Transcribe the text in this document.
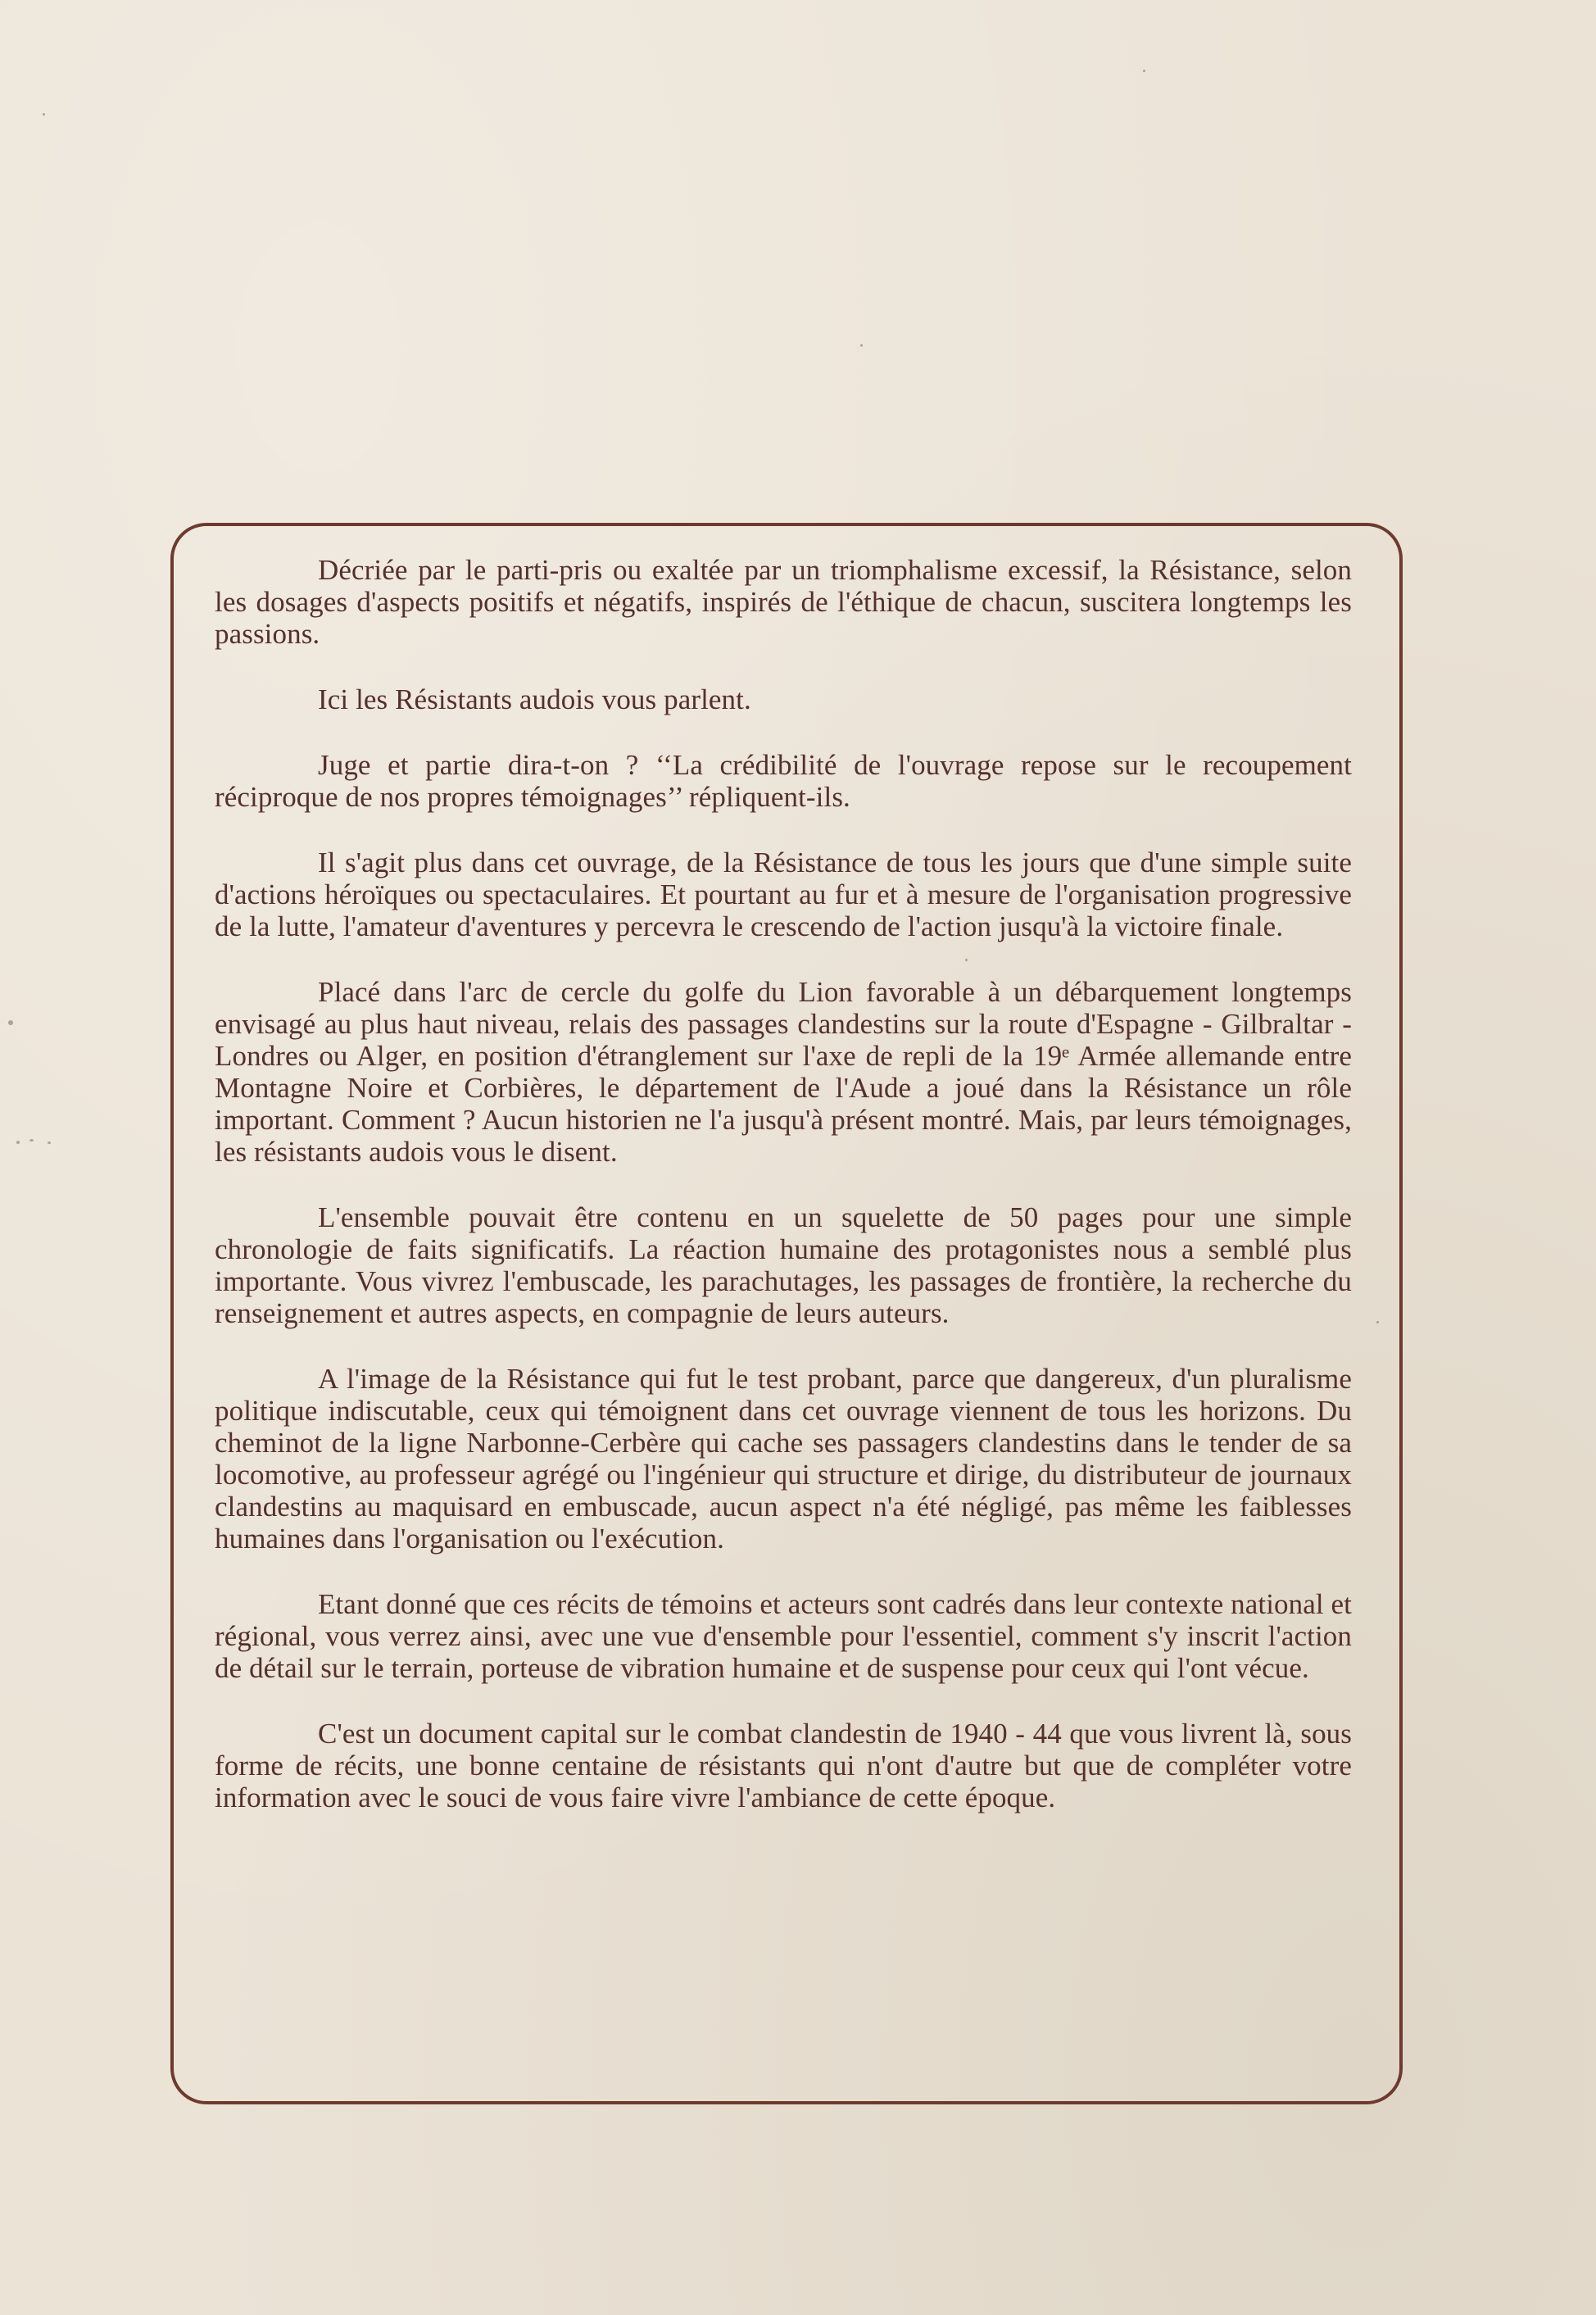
Décriée par le parti-pris ou exaltée par un triomphalisme excessif, la Résistance, selon les dosages d'aspects positifs et négatifs, inspirés de l'éthique de chacun, suscitera longtemps les passions.

Ici les Résistants audois vous parlent.

Juge et partie dira-t-on ? ‘‘La crédibilité de l'ouvrage repose sur le recoupement réciproque de nos propres témoignages’’ répliquent-ils.

Il s'agit plus dans cet ouvrage, de la Résistance de tous les jours que d'une simple suite d'actions héroïques ou spectaculaires. Et pourtant au fur et à mesure de l'organisation progressive de la lutte, l'amateur d'aventures y percevra le crescendo de l'action jusqu'à la victoire finale.

Placé dans l'arc de cercle du golfe du Lion favorable à un débarquement longtemps envisagé au plus haut niveau, relais des passages clandestins sur la route d'Espagne - Gilbraltar - Londres ou Alger, en position d'étranglement sur l'axe de repli de la 19ᵉ Armée allemande entre Montagne Noire et Corbières, le département de l'Aude a joué dans la Résistance un rôle important. Comment ? Aucun historien ne l'a jusqu'à présent montré. Mais, par leurs témoignages, les résistants audois vous le disent.

L'ensemble pouvait être contenu en un squelette de 50 pages pour une simple chronologie de faits significatifs. La réaction humaine des protagonistes nous a semblé plus importante. Vous vivrez l'embuscade, les parachutages, les passages de frontière, la recherche du renseignement et autres aspects, en compagnie de leurs auteurs.

A l'image de la Résistance qui fut le test probant, parce que dangereux, d'un pluralisme politique indiscutable, ceux qui témoignent dans cet ouvrage viennent de tous les horizons. Du cheminot de la ligne Narbonne-Cerbère qui cache ses passagers clandestins dans le tender de sa locomotive, au professeur agrégé ou l'ingénieur qui structure et dirige, du distributeur de journaux clandestins au maquisard en embuscade, aucun aspect n'a été négligé, pas même les faiblesses humaines dans l'organisation ou l'exécution.

Etant donné que ces récits de témoins et acteurs sont cadrés dans leur contexte national et régional, vous verrez ainsi, avec une vue d'ensemble pour l'essentiel, comment s'y inscrit l'action de détail sur le terrain, porteuse de vibration humaine et de suspense pour ceux qui l'ont vécue.

C'est un document capital sur le combat clandestin de 1940 - 44 que vous livrent là, sous forme de récits, une bonne centaine de résistants qui n'ont d'autre but que de compléter votre information avec le souci de vous faire vivre l'ambiance de cette époque.
